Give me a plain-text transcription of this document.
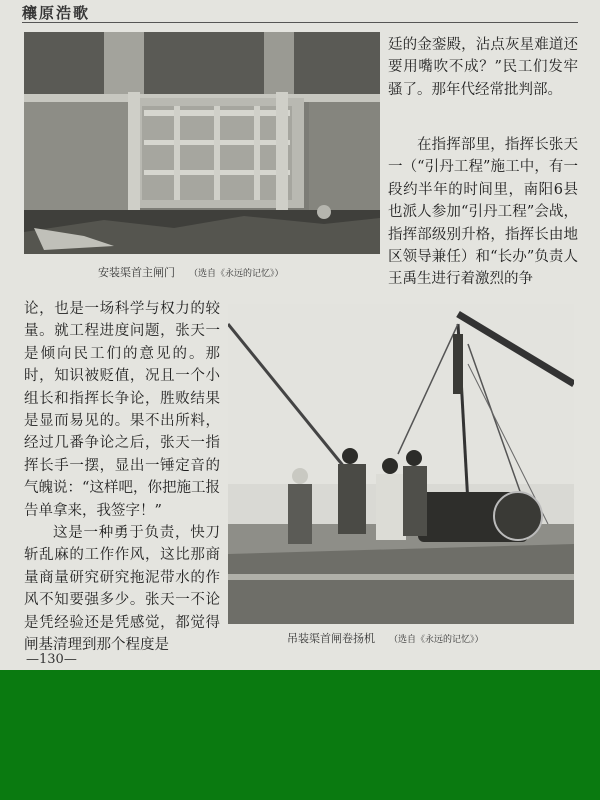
穰原浩歌
安装渠首主闸门 （选自《永远的记忆》）

廷的金銮殿，沾点灰星难道还要用嘴吹不成？”民工们发牢骚了。那年代经常批判部。

在指挥部里，指挥长张天一（“引丹工程”施工中，有一段约半年的时间里，南阳6县也派人参加“引丹工程”会战，指挥部级别升格，指挥长由地区领导兼任）和“长办”负责人王禹生进行着激烈的争

论，也是一场科学与权力的较量。就工程进度问题，张天一是倾向民工们的意见的。那时，知识被贬值，况且一个小组长和指挥长争论，胜败结果是显而易见的。果不出所料，经过几番争论之后，张天一指挥长手一摆，显出一锤定音的气魄说：“这样吧，你把施工报告单拿来，我签字！”

这是一种勇于负责，快刀斩乱麻的工作作风，这比那商量商量研究研究拖泥带水的作风不知要强多少。张天一不论是凭经验还是凭感觉，都觉得闸基清理到那个程度是	吊装渠首闸卷扬机 （选自《永远的记忆》）
—130—
